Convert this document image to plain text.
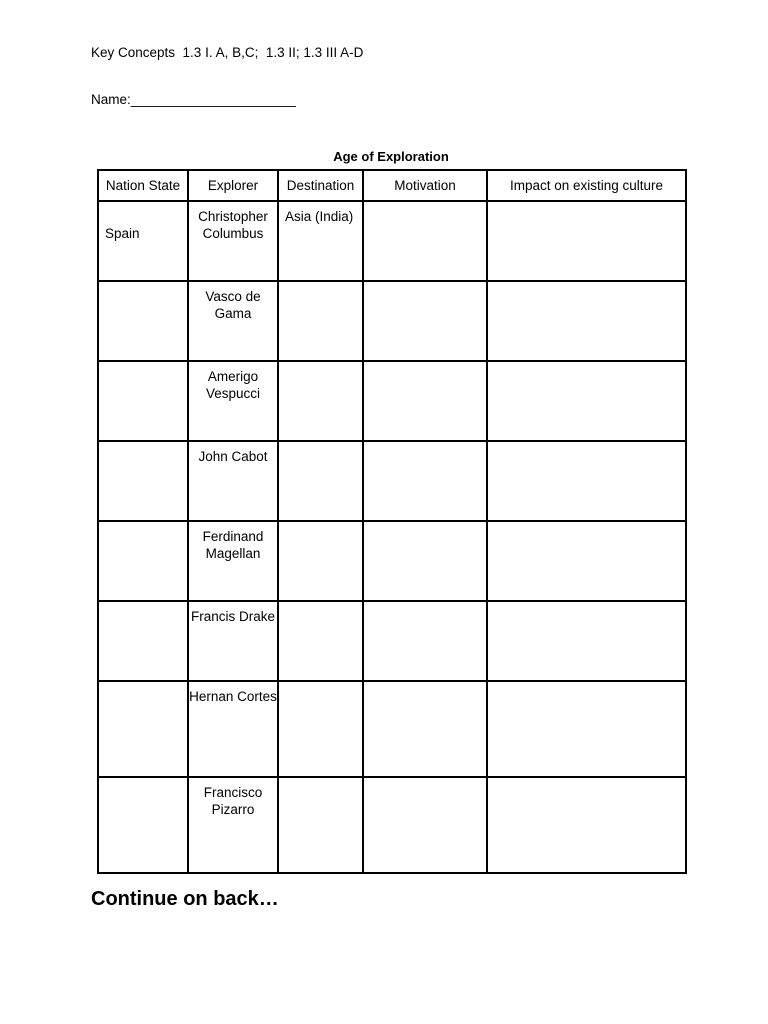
Key Concepts  1.3 I. A, B,C;  1.3 II; 1.3 III A-D
Name:______________________
Age of Exploration
Nation State	Explorer	Destination	Motivation	Impact on existing culture

Spain	Christopher Columbus	Asia (India)		

	Vasco de Gama			

	Amerigo Vespucci			

	John Cabot			

	Ferdinand Magellan			

	Francis Drake			

	Hernan Cortes			

	Francisco Pizarro			

Continue on back…
